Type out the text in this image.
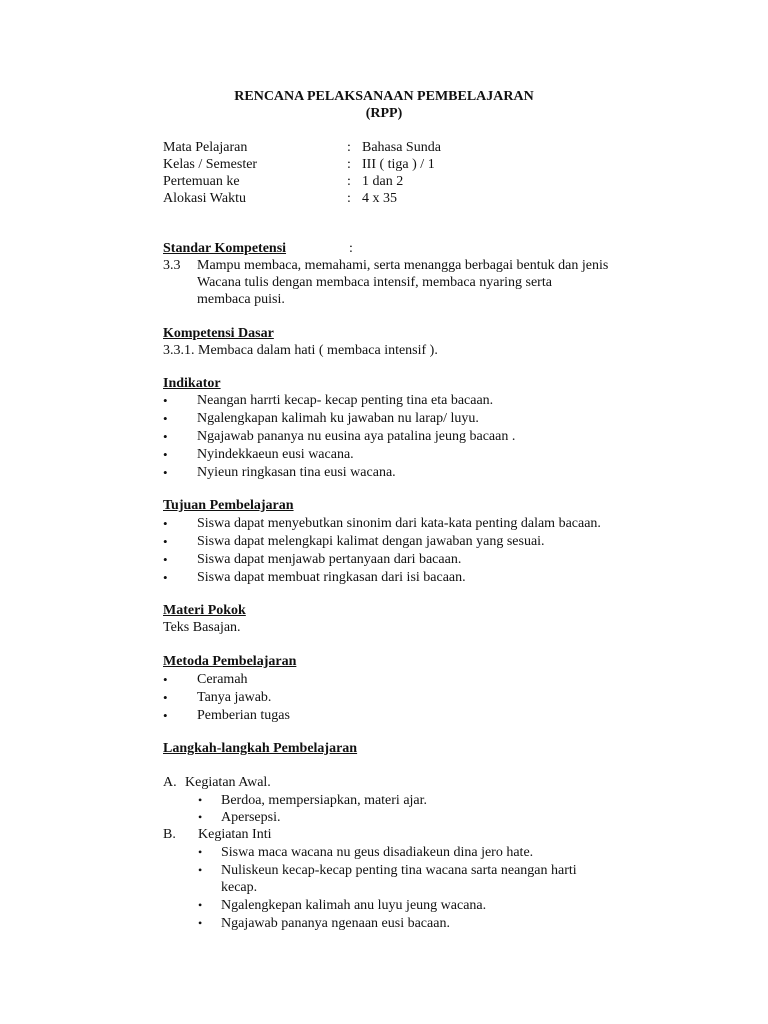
RENCANA PELAKSANAAN PEMBELAJARAN
(RPP)
Mata Pelajaran	: Bahasa Sunda
Kelas / Semester	: III ( tiga ) / 1
Pertemuan ke	: 1 dan 2
Alokasi Waktu	: 4 x 35
Standar Kompetensi	:
3.3 Mampu membaca, memahami, serta menangga berbagai bentuk dan jenis
Wacana tulis dengan membaca intensif, membaca nyaring serta
membaca puisi.
Kompetensi Dasar
3.3.1. Membaca dalam hati ( membaca intensif ).
Indikator
• Neangan harrti kecap- kecap penting tina eta bacaan.
• Ngalengkapan kalimah ku jawaban nu larap/ luyu.
• Ngajawab pananya nu eusina aya patalina jeung bacaan .
• Nyindekkaeun eusi wacana.
• Nyieun ringkasan tina eusi wacana.
Tujuan Pembelajaran
• Siswa dapat menyebutkan sinonim dari kata-kata penting dalam bacaan.
• Siswa dapat melengkapi kalimat dengan jawaban yang sesuai.
• Siswa dapat menjawab pertanyaan dari bacaan.
• Siswa dapat membuat ringkasan dari isi bacaan.
Materi Pokok
Teks Basajan.
Metoda Pembelajaran
• Ceramah
• Tanya jawab.
• Pemberian tugas
Langkah-langkah Pembelajaran
A. Kegiatan Awal.
• Berdoa, mempersiapkan, materi ajar.
• Apersepsi.
B. Kegiatan Inti
• Siswa maca wacana nu geus disadiakeun dina jero hate.
• Nuliskeun kecap-kecap penting tina wacana sarta neangan harti
kecap.
• Ngalengkepan kalimah anu luyu jeung wacana.
• Ngajawab pananya ngenaan eusi bacaan.
